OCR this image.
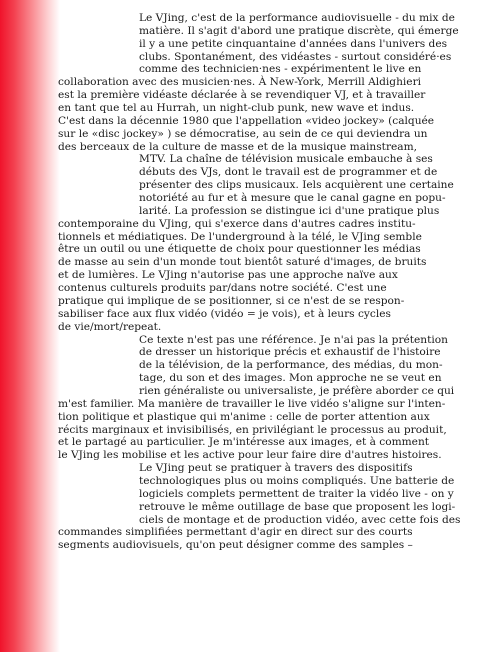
Le VJing, c'est de la performance audiovisuelle - du mix de
matière. Il s'agit d'abord une pratique discrète, qui émerge
il y a une petite cinquantaine d'années dans l'univers des
clubs. Spontanément, des vidéastes - surtout considéré·es
comme des technicien·nes - expérimentent le live en
collaboration avec des musicien·nes. À New-York, Merrill Aldighieri
est la première vidéaste déclarée à se revendiquer VJ, et à travailler
en tant que tel au Hurrah, un night-club punk, new wave et indus.
C'est dans la décennie 1980 que l'appellation «video jockey» (calquée
sur le «disc jockey» ) se démocratise, au sein de ce qui deviendra un
des berceaux de la culture de masse et de la musique mainstream,
MTV. La chaîne de télévision musicale embauche à ses
débuts des VJs, dont le travail est de programmer et de
présenter des clips musicaux. Iels acquièrent une certaine
notoriété au fur et à mesure que le canal gagne en popu-
larité. La profession se distingue ici d'une pratique plus
contemporaine du VJing, qui s'exerce dans d'autres cadres institu-
tionnels et médiatiques. De l'underground à la télé, le VJing semble
être un outil ou une étiquette de choix pour questionner les médias
de masse au sein d'un monde tout bientôt saturé d'images, de bruits
et de lumières. Le VJing n'autorise pas une approche naïve aux
contenus culturels produits par/dans notre société. C'est une
pratique qui implique de se positionner, si ce n'est de se respon-
sabiliser face aux flux vidéo (vidéo = je vois), et à leurs cycles
de vie/mort/repeat.
Ce texte n'est pas une référence. Je n'ai pas la prétention
de dresser un historique précis et exhaustif de l'histoire
de la télévision, de la performance, des médias, du mon-
tage, du son et des images. Mon approche ne se veut en
rien généraliste ou universaliste, je préfère aborder ce qui
m'est familier. Ma manière de travailler le live vidéo s'aligne sur l'inten-
tion politique et plastique qui m'anime : celle de porter attention aux
récits marginaux et invisibilisés, en privilégiant le processus au produit,
et le partagé au particulier. Je m'intéresse aux images, et à comment
le VJing les mobilise et les active pour leur faire dire d'autres histoires.
Le VJing peut se pratiquer à travers des dispositifs
technologiques plus ou moins compliqués. Une batterie de
logiciels complets permettent de traiter la vidéo live - on y
retrouve le même outillage de base que proposent les logi-
ciels de montage et de production vidéo, avec cette fois des
commandes simplifiées permettant d'agir en direct sur des courts
segments audiovisuels, qu'on peut désigner comme des samples –
